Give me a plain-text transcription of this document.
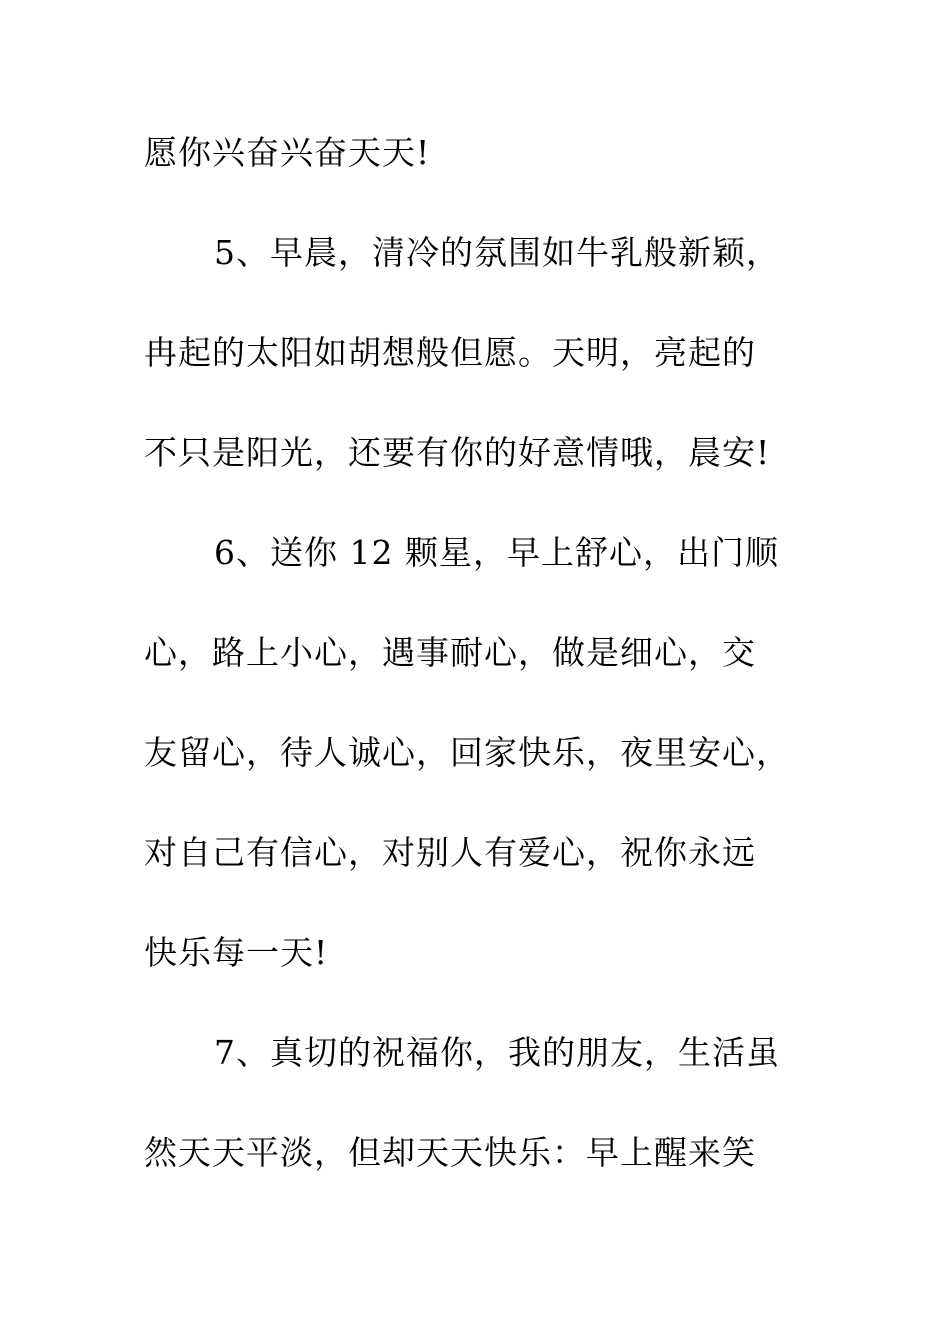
愿你兴奋兴奋天天!

5、早晨，清冷的氛围如牛乳般新颖，

冉起的太阳如胡想般但愿。天明，亮起的

不只是阳光，还要有你的好意情哦，晨安!

6、送你 12 颗星，早上舒心，出门顺

心，路上小心，遇事耐心，做是细心，交

友留心，待人诚心，回家快乐，夜里安心，

对自己有信心，对别人有爱心，祝你永远

快乐每一天!

7、真切的祝福你，我的朋友，生活虽

然天天平淡，但却天天快乐：早上醒来笑
